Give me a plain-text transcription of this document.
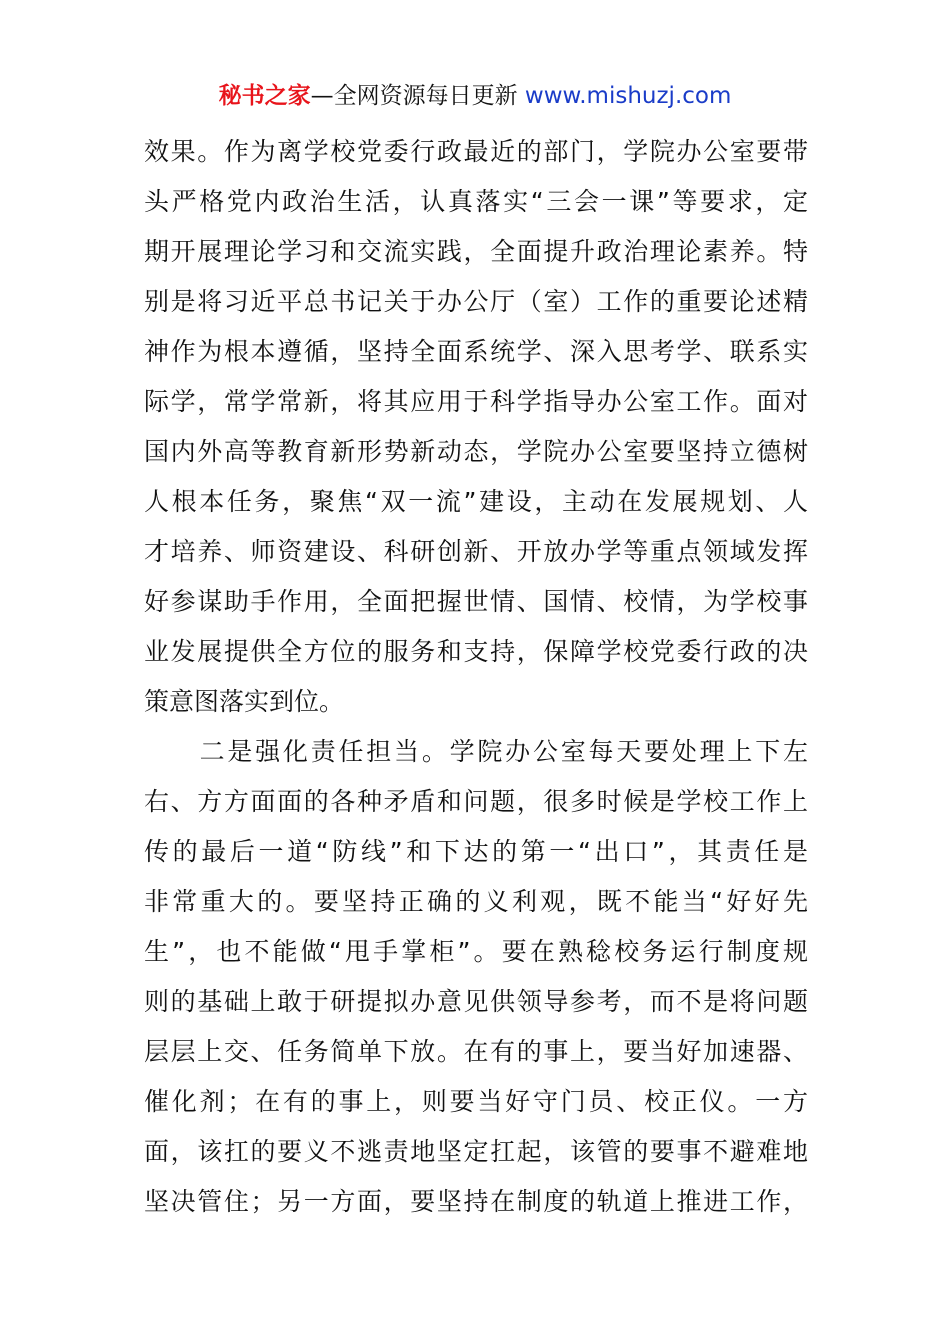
秘书之家—全网资源每日更新 www.mishuzj.com
效果。作为离学校党委行政最近的部门，学院办公室要带
头严格党内政治生活，认真落实“三会一课”等要求，定
期开展理论学习和交流实践，全面提升政治理论素养。特
别是将习近平总书记关于办公厅（室）工作的重要论述精
神作为根本遵循，坚持全面系统学、深入思考学、联系实
际学，常学常新，将其应用于科学指导办公室工作。面对
国内外高等教育新形势新动态，学院办公室要坚持立德树
人根本任务，聚焦“双一流”建设，主动在发展规划、人
才培养、师资建设、科研创新、开放办学等重点领域发挥
好参谋助手作用，全面把握世情、国情、校情，为学校事
业发展提供全方位的服务和支持，保障学校党委行政的决
策意图落实到位。
　　二是强化责任担当。学院办公室每天要处理上下左
右、方方面面的各种矛盾和问题，很多时候是学校工作上
传的最后一道“防线”和下达的第一“出口”，其责任是
非常重大的。要坚持正确的义利观，既不能当“好好先
生”，也不能做“甩手掌柜”。要在熟稔校务运行制度规
则的基础上敢于研提拟办意见供领导参考，而不是将问题
层层上交、任务简单下放。在有的事上，要当好加速器、
催化剂；在有的事上，则要当好守门员、校正仪。一方
面，该扛的要义不逃责地坚定扛起，该管的要事不避难地
坚决管住；另一方面，要坚持在制度的轨道上推进工作，
